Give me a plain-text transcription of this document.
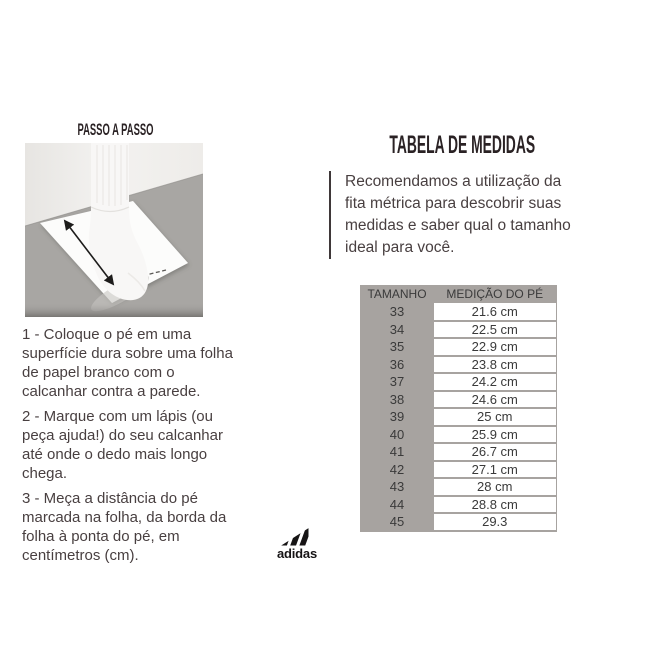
PASSO A PASSO

1 - Coloque o pé em uma superfície dura sobre uma folha de papel branco com o calcanhar contra a parede.

2 - Marque com um lápis (ou peça ajuda!) do seu calcanhar até onde o dedo mais longo chega.

3 - Meça a distância do pé marcada na folha, da borda da folha à ponta do pé, em centímetros (cm).

TABELA DE MEDIDAS
Recomendamos a utilização da fita métrica para descobrir suas medidas e saber qual o tamanho ideal para você.
TAMANHO	MEDIÇÃO DO PÉ
33	21.6 cm
34	22.5 cm
35	22.9 cm
36	23.8 cm
37	24.2 cm
38	24.6 cm
39	25 cm
40	25.9 cm
41	26.7 cm
42	27.1 cm
43	28 cm
44	28.8 cm
45	29.3
adidas
